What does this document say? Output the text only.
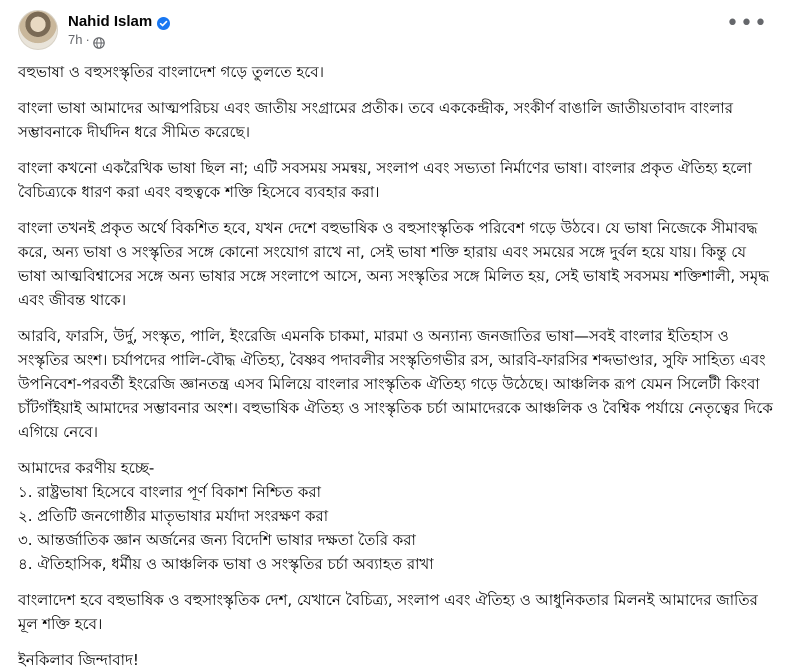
Nahid Islam
7h ·
•••

বহুভাষা ও বহুসংস্কৃতির বাংলাদেশ গড়ে তুলতে হবে।

বাংলা ভাষা আমাদের আত্মপরিচয় এবং জাতীয় সংগ্রামের প্রতীক। তবে এককেন্দ্রীক, সংকীর্ণ বাঙালি জাতীয়তাবাদ বাংলার সম্ভাবনাকে দীর্ঘদিন ধরে সীমিত করেছে।

বাংলা কখনো একরৈখিক ভাষা ছিল না; এটি সবসময় সমন্বয়, সংলাপ এবং সভ্যতা নির্মাণের ভাষা। বাংলার প্রকৃত ঐতিহ্য হলো বৈচিত্র্যকে ধারণ করা এবং বহুত্বকে শক্তি হিসেবে ব্যবহার করা।

বাংলা তখনই প্রকৃত অর্থে বিকশিত হবে, যখন দেশে বহুভাষিক ও বহুসাংস্কৃতিক পরিবেশ গড়ে উঠবে। যে ভাষা নিজেকে সীমাবদ্ধ করে, অন্য ভাষা ও সংস্কৃতির সঙ্গে কোনো সংযোগ রাখে না, সেই ভাষা শক্তি হারায় এবং সময়ের সঙ্গে দুর্বল হয়ে যায়। কিন্তু যে ভাষা আত্মবিশ্বাসের সঙ্গে অন্য ভাষার সঙ্গে সংলাপে আসে, অন্য সংস্কৃতির সঙ্গে মিলিত হয়, সেই ভাষাই সবসময় শক্তিশালী, সমৃদ্ধ এবং জীবন্ত থাকে।

আরবি, ফারসি, উর্দু, সংস্কৃত, পালি, ইংরেজি এমনকি চাকমা, মারমা ও অন্যান্য জনজাতির ভাষা—সবই বাংলার ইতিহাস ও সংস্কৃতির অংশ। চর্যাপদের পালি-বৌদ্ধ ঐতিহ্য, বৈষ্ণব পদাবলীর সংস্কৃতিগভীর রস, আরবি-ফারসির শব্দভাণ্ডার, সুফি সাহিত্য এবং উপনিবেশ-পরবর্তী ইংরেজি জ্ঞানতন্ত্র এসব মিলিয়ে বাংলার সাংস্কৃতিক ঐতিহ্য গড়ে উঠেছে। আঞ্চলিক রূপ যেমন সিলেটী কিংবা চাঁটগাঁইয়াই আমাদের সম্ভাবনার অংশ। বহুভাষিক ঐতিহ্য ও সাংস্কৃতিক চর্চা আমাদেরকে আঞ্চলিক ও বৈশ্বিক পর্যায়ে নেতৃত্বের দিকে এগিয়ে নেবে।

আমাদের করণীয় হচ্ছে-
১. রাষ্ট্রভাষা হিসেবে বাংলার পূর্ণ বিকাশ নিশ্চিত করা
২. প্রতিটি জনগোষ্ঠীর মাতৃভাষার মর্যাদা সংরক্ষণ করা
৩. আন্তর্জাতিক জ্ঞান অর্জনের জন্য বিদেশি ভাষার দক্ষতা তৈরি করা
৪. ঐতিহাসিক, ধর্মীয় ও আঞ্চলিক ভাষা ও সংস্কৃতির চর্চা অব্যাহত রাখা

বাংলাদেশ হবে বহুভাষিক ও বহুসাংস্কৃতিক দেশ, যেখানে বৈচিত্র্য, সংলাপ এবং ঐতিহ্য ও আধুনিকতার মিলনই আমাদের জাতির মূল শক্তি হবে।

ইনকিলাব জিন্দাবাদ!
